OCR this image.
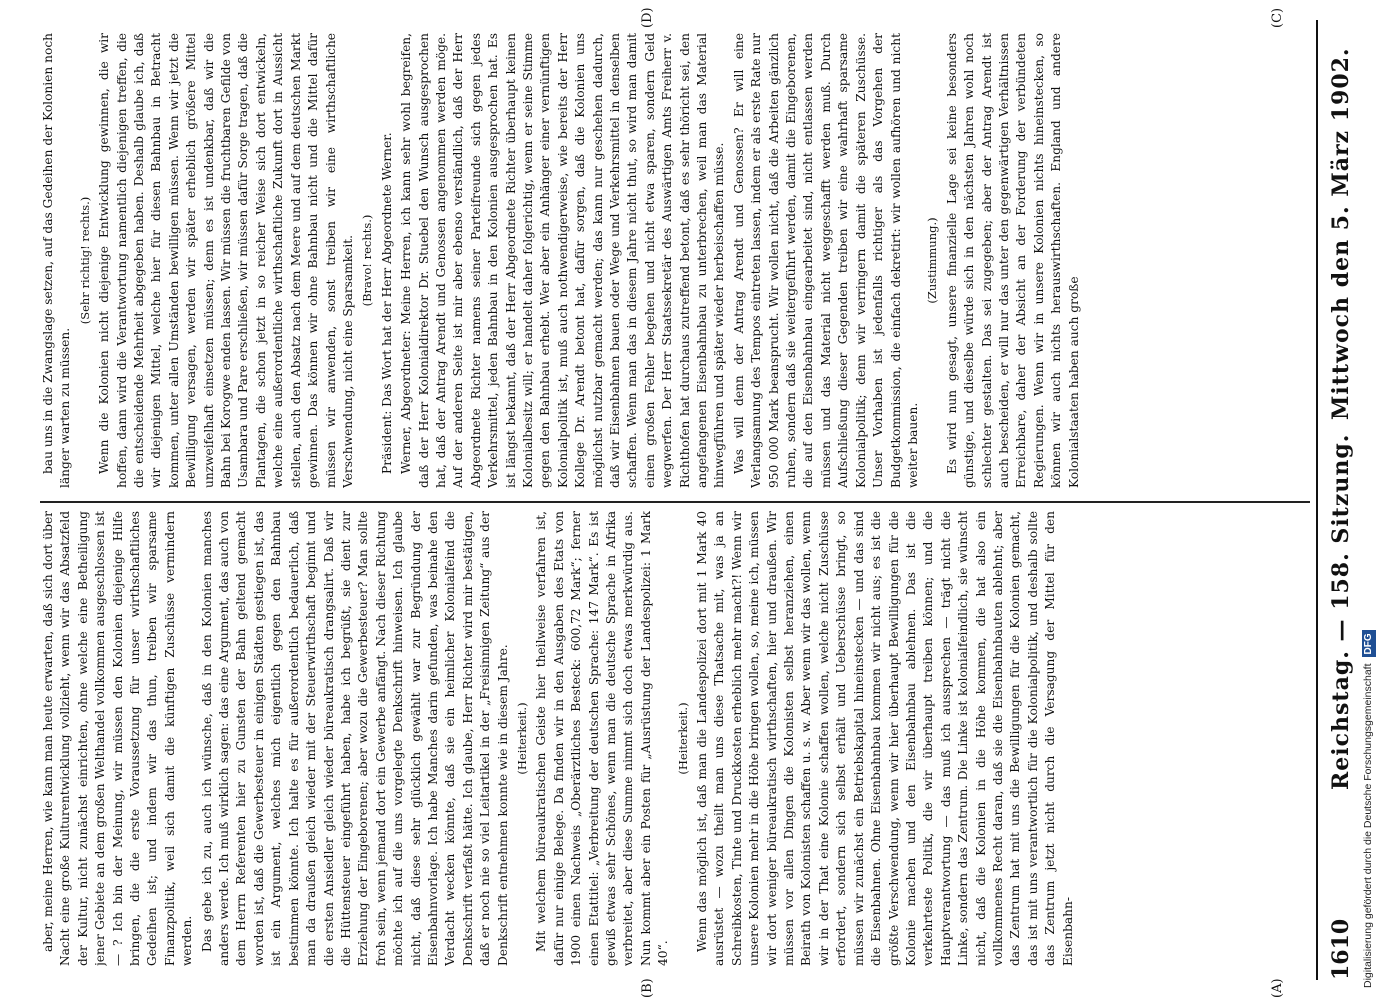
1610
Reichstag. — 158. Sitzung.
Mittwoch den 5. März 1902.
(A)
(B)
(C)
(D)

aber, meine Herren, wie kann man heute erwarten, daß sich dort über Nacht eine große Kulturentwicklung vollzieht, wenn wir das Absatzfeld der Kultur, nicht zunächst einrichten, ohne welche eine Betheiligung jener Gebiete an dem großen Welthandel vollkommen ausgeschlossen ist — ? Ich bin der Meinung, wir müssen den Kolonien diejenige Hilfe bringen, die die erste Voraussetzung für unser wirthschaftliches Gedeihen ist; und indem wir das thun, treiben wir sparsame Finanzpolitik, weil sich damit die künftigen Zuschüsse vermindern werden. Das gebe ich zu, auch ich wünsche, daß in den Kolonien manches anders werde. Ich muß wirklich sagen: das eine Argument, das auch von dem Herrn Referenten hier zu Gunsten der Bahn geltend gemacht worden ist, daß die Gewerbesteuer in einigen Städten gestiegen ist, das ist ein Argument, welches mich eigentlich gegen den Bahnbau bestimmen könnte. Ich halte es für außerordentlich bedauerlich, daß man da draußen gleich wieder mit der Steuerwirthschaft beginnt und die ersten Ansiedler gleich wieder büreaukratisch drangsalirt. Daß wir die Hüttensteuer eingeführt haben, habe ich begrüßt, sie dient zur Erziehung der Eingeborenen; aber wozu die Gewerbesteuer? Man sollte froh sein, wenn jemand dort ein Gewerbe anfängt. Nach dieser Richtung möchte ich auf die uns vorgelegte Denkschrift hinweisen. Ich glaube nicht, daß diese sehr glücklich gewählt war zur Begründung der Eisenbahnvorlage. Ich habe Manches darin gefunden, was beinahe den Verdacht wecken könnte, daß sie ein heimlicher Kolonialfeind die Denkschrift verfaßt hätte. Ich glaube, Herr Richter wird mir bestätigen, daß er noch nie so viel Leitartikel in der „Freisinnigen Zeitung“ aus der Denkschrift entnehmen konnte wie in diesem Jahre. (Heiterkeit.) Mit welchem büreaukratischen Geiste hier theilweise verfahren ist, dafür nur einige Belege. Da finden wir in den Ausgaben des Etats von 1900 einen Nachweis „Oberärztliches Besteck: 600,72 Mark“; ferner einen Etattitel: „Verbreitung der deutschen Sprache: 147 Mark“. Es ist gewiß etwas sehr Schönes, wenn man die deutsche Sprache in Afrika verbreitet, aber diese Summe nimmt sich doch etwas merkwürdig aus. Nun kommt aber ein Posten für „Ausrüstung der Landespolizei: 1 Mark 40“.

(Heiterkeit.) Wenn das möglich ist, daß man die Landespolizei dort mit 1 Mark 40 ausrüstet — wozu theilt man uns diese Thatsache mit, was ja an Schreibkosten, Tinte und Druckkosten erheblich mehr macht?! Wenn wir unsere Kolonien mehr in die Höhe bringen wollen, so, meine ich, müssen wir dort weniger büreaukratisch wirthschaften, hier und draußen. Wir müssen vor allen Dingen die Kolonisten selbst heranziehen, einen Beirath von Kolonisten schaffen u. s. w. Aber wenn wir das wollen, wenn wir in der That eine Kolonie schaffen wollen, welche nicht Zuschüsse erfordert, sondern sich selbst erhält und Ueberschüsse bringt, so müssen wir zunächst ein Betriebskapital hineinstecken — und das sind die Eisenbahnen. Ohne Eisenbahnbau kommen wir nicht aus; es ist die größte Verschwendung, wenn wir hier überhaupt Bewilligungen für die Kolonie machen und den Eisenbahnbau ablehnen. Das ist die verkehrteste Politik, die wir überhaupt treiben können; und die Hauptverantwortung — das muß ich aussprechen — trägt nicht die Linke, sondern das Zentrum. Die Linke ist kolonialfeindlich, sie wünscht nicht, daß die Kolonien in die Höhe kommen, die hat also ein vollkommenes Recht daran, daß sie die Eisenbahnbauten ablehnt; aber das Zentrum hat mit uns die Bewilligungen für die Kolonien gemacht, das ist mit uns verantwortlich für die Kolonialpolitik, und deshalb sollte das Zentrum jetzt nicht durch die Versagung der Mittel für den Eisenbahn-

bau uns in die Zwangslage setzen, auf das Gedeihen der Kolonien noch länger warten zu müssen.

(Sehr richtig! rechts.) Wenn die Kolonien nicht diejenige Entwicklung gewinnen, die wir hoffen, dann wird die Verantwortung namentlich diejenigen treffen, die die entscheidende Mehrheit abgegeben haben. Deshalb glaube ich, daß wir diejenigen Mittel, welche hier für diesen Bahnbau in Betracht kommen, unter allen Umständen bewilligen müssen. Wenn wir jetzt die Bewilligung versagen, werden wir später erheblich größere Mittel unzweifelhaft einsetzen müssen; denn es ist undenkbar, daß wir die Bahn bei Korogwe enden lassen. Wir müssen die fruchtbaren Gefilde von Usambara und Pare erschließen, wir müssen dafür Sorge tragen, daß die Plantagen, die schon jetzt in so reicher Weise sich dort entwickeln, welche eine außerordentliche wirthschaftliche Zukunft dort in Aussicht stellen, auch den Absatz nach dem Meere und auf dem deutschen Markt gewinnen. Das können wir ohne Bahnbau nicht und die Mittel dafür müssen wir anwenden, sonst treiben wir eine wirthschaftliche Verschwendung, nicht eine Sparsamkeit. (Bravo! rechts.) Präsident: Das Wort hat der Herr Abgeordnete Werner. Werner, Abgeordneter: Meine Herren, ich kann sehr wohl begreifen, daß der Herr Kolonialdirektor Dr. Stuebel den Wunsch ausgesprochen hat, daß der Antrag Arendt und Genossen angenommen werden möge. Auf der anderen Seite ist mir aber ebenso verständlich, daß der Herr Abgeordnete Richter namens seiner Parteifreunde sich gegen jedes Verkehrsmittel, jeden Bahnbau in den Kolonien ausgesprochen hat. Es ist längst bekannt, daß der Herr Abgeordnete Richter überhaupt keinen Kolonialbesitz will; er handelt daher folgerichtig, wenn er seine Stimme gegen den Bahnbau erhebt. Wer aber ein Anhänger einer vernünftigen Kolonialpolitik ist, muß auch nothwendigerweise, wie bereits der Herr Kollege Dr. Arendt betont hat, dafür sorgen, daß die Kolonien uns möglichst nutzbar gemacht werden; das kann nur geschehen dadurch, daß wir Eisenbahnen bauen oder Wege und Verkehrsmittel in denselben schaffen. Wenn man das in diesem Jahre nicht thut, so wird man damit einen großen Fehler begehen und nicht etwa sparen, sondern Geld wegwerfen. Der Herr Staatssekretär des Auswärtigen Amts Freiherr v. Richthofen hat durchaus zutreffend betont, daß es sehr thöricht sei, den angefangenen Eisenbahnbau zu unterbrechen, weil man das Material hinwegführen und später wieder herbeischaffen müsse. Was will denn der Antrag Arendt und Genossen? Er will eine Verlangsamung des Tempos eintreten lassen, indem er als erste Rate nur 950 000 Mark beansprucht. Wir wollen nicht, daß die Arbeiten gänzlich ruhen, sondern daß sie weitergeführt werden, damit die Eingeborenen, die auf den Eisenbahnbau eingearbeitet sind, nicht entlassen werden müssen und das Material nicht weggeschafft werden muß. Durch Aufschließung dieser Gegenden treiben wir eine wahrhaft sparsame Kolonialpolitik; denn wir verringern damit die späteren Zuschüsse. Unser Vorhaben ist jedenfalls richtiger als das Vorgehen der Budgetkommission, die einfach dekretirt: wir wollen aufhören und nicht weiter bauen.

(Zustimmung.) Es wird nun gesagt, unsere finanzielle Lage sei keine besonders günstige, und dieselbe würde sich in den nächsten Jahren wohl noch schlechter gestalten. Das sei zugegeben; aber der Antrag Arendt ist auch bescheiden, er will nur das unter den gegenwärtigen Verhältnissen Erreichbare, daher der Absicht an der Forderung der verbündeten Regierungen. Wenn wir in unsere Kolonien nichts hineinstecken, so können wir auch nichts herauswirthschaften. England und andere Kolonialstaaten haben auch große

Digitalisierung gefördert durch die Deutsche ForschungsgemeinschaftDFG
